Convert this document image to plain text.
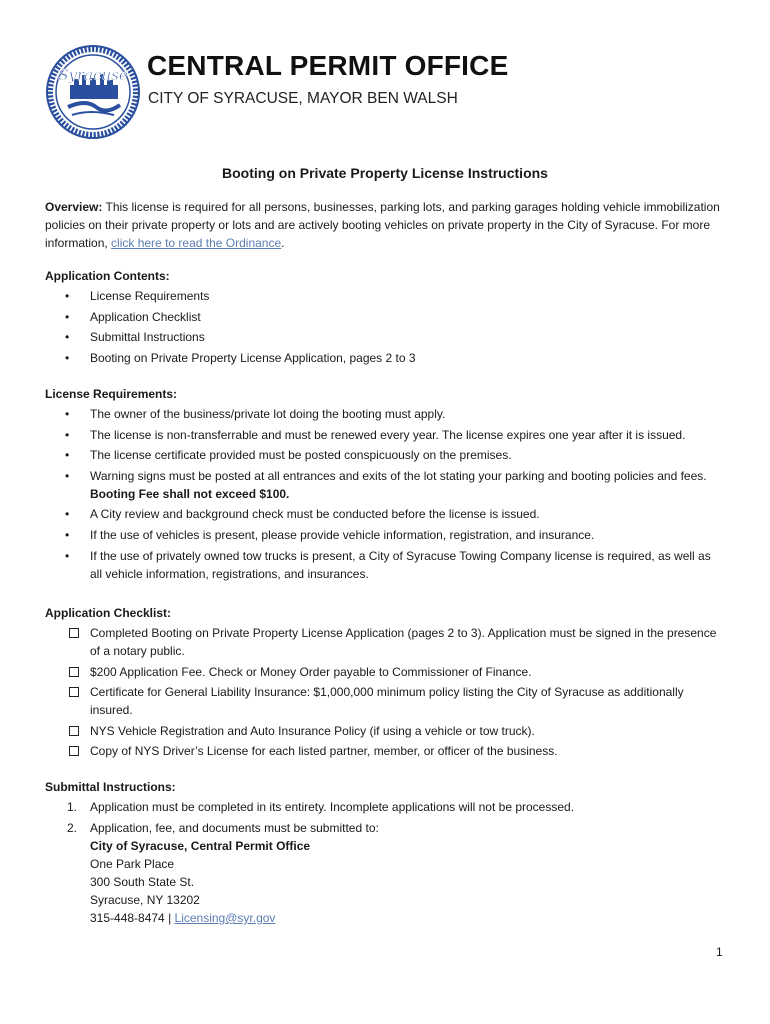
Syracuse CENTRAL PERMIT OFFICE
CITY OF SYRACUSE, MAYOR BEN WALSH
Booting on Private Property License Instructions

Overview: This license is required for all persons, businesses, parking lots, and parking garages holding vehicle immobilization policies on their private property or lots and are actively booting vehicles on private property in the City of Syracuse. For more information, click here to read the Ordinance.

Application Contents:
• License Requirements
• Application Checklist
• Submittal Instructions
• Booting on Private Property License Application, pages 2 to 3
License Requirements:
• The owner of the business/private lot doing the booting must apply.
• The license is non-transferrable and must be renewed every year. The license expires one year after it is issued.
• The license certificate provided must be posted conspicuously on the premises.
• Warning signs must be posted at all entrances and exits of the lot stating your parking and booting policies and fees. Booting Fee shall not exceed $100.
• A City review and background check must be conducted before the license is issued.
• If the use of vehicles is present, please provide vehicle information, registration, and insurance.
• If the use of privately owned tow trucks is present, a City of Syracuse Towing Company license is required, as well as all vehicle information, registrations, and insurances.
Application Checklist:
Completed Booting on Private Property License Application (pages 2 to 3). Application must be signed in the presence of a notary public.
$200 Application Fee. Check or Money Order payable to Commissioner of Finance.
Certificate for General Liability Insurance: $1,000,000 minimum policy listing the City of Syracuse as additionally insured.
NYS Vehicle Registration and Auto Insurance Policy (if using a vehicle or tow truck).
Copy of NYS Driver’s License for each listed partner, member, or officer of the business.
Submittal Instructions:
1. Application must be completed in its entirety. Incomplete applications will not be processed.
2. Application, fee, and documents must be submitted to:
City of Syracuse, Central Permit Office
One Park Place
300 South State St.
Syracuse, NY 13202
315-448-8474 | Licensing@syr.gov
1
